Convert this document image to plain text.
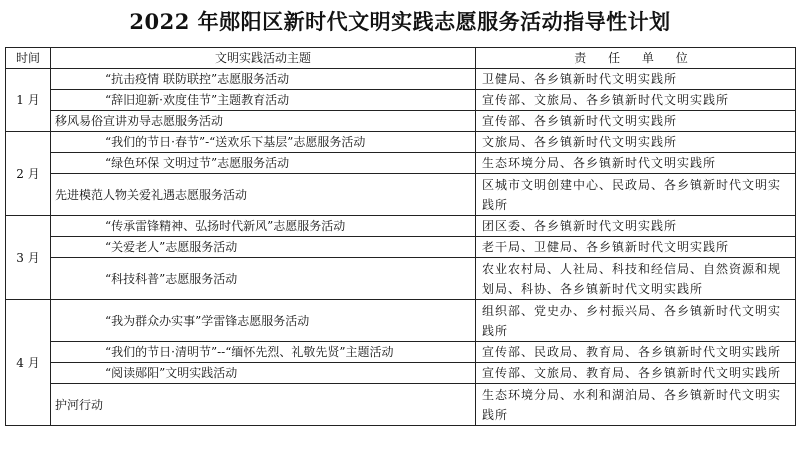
2022 年郧阳区新时代文明实践志愿服务活动指导性计划
时间	文明实践活动主题	责 任 单 位
1 月	“抗击疫情 联防联控”志愿服务活动	卫健局、各乡镇新时代文明实践所
	“辞旧迎新·欢度佳节”主题教育活动	宣传部、文旅局、各乡镇新时代文明实践所
	移风易俗宣讲劝导志愿服务活动	宣传部、各乡镇新时代文明实践所
2 月	“我们的节日·春节”-“送欢乐下基层”志愿服务活动	文旅局、各乡镇新时代文明实践所
	“绿色环保 文明过节”志愿服务活动	生态环境分局、各乡镇新时代文明实践所
	先进模范人物关爱礼遇志愿服务活动	区城市文明创建中心、民政局、各乡镇新时代文明实践所
3 月	“传承雷锋精神、弘扬时代新风”志愿服务活动	团区委、各乡镇新时代文明实践所
	“关爱老人”志愿服务活动	老干局、卫健局、各乡镇新时代文明实践所
	“科技科普”志愿服务活动	农业农村局、人社局、科技和经信局、自然资源和规划局、科协、各乡镇新时代文明实践所
4 月	“我为群众办实事”学雷锋志愿服务活动	组织部、党史办、乡村振兴局、各乡镇新时代文明实践所
	“我们的节日·清明节”--“缅怀先烈、礼敬先贤”主题活动	宣传部、民政局、教育局、各乡镇新时代文明实践所
	“阅读郧阳”文明实践活动	宣传部、文旅局、教育局、各乡镇新时代文明实践所
	护河行动	生态环境分局、水利和湖泊局、各乡镇新时代文明实践所
